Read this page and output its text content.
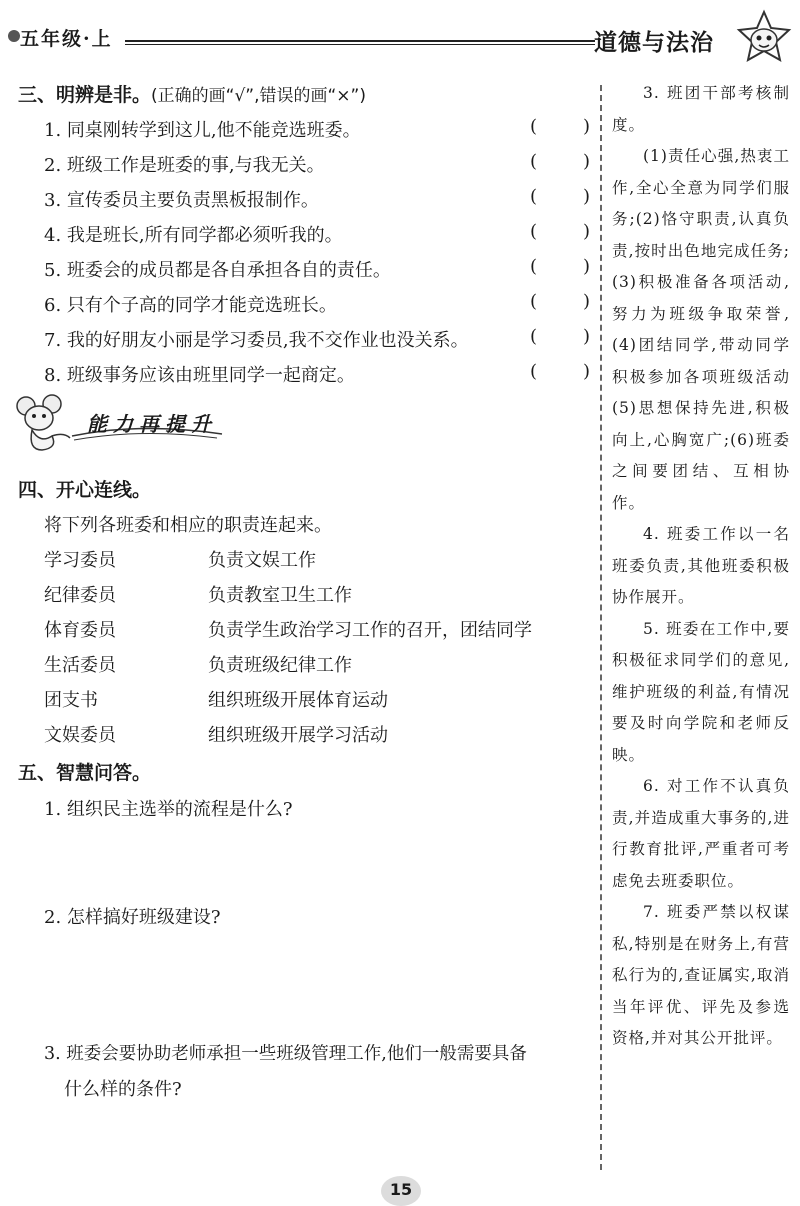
五年级·上	道德与法治
三、明辨是非。(正确的画“√”,错误的画“×”)
1. 同桌刚转学到这儿,他不能竞选班委。	(	)
2. 班级工作是班委的事,与我无关。	(	)
3. 宣传委员主要负责黑板报制作。	(	)
4. 我是班长,所有同学都必须听我的。	(	)
5. 班委会的成员都是各自承担各自的责任。	(	)
6. 只有个子高的同学才能竞选班长。	(	)
7. 我的好朋友小丽是学习委员,我不交作业也没关系。	(	)
8. 班级事务应该由班里同学一起商定。	(	)
能力再提升
四、开心连线。
将下列各班委和相应的职责连起来。
学习委员	负责文娱工作
纪律委员	负责教室卫生工作
体育委员	负责学生政治学习工作的召开，团结同学
生活委员	负责班级纪律工作
团支书	组织班级开展体育运动
文娱委员	组织班级开展学习活动
五、智慧问答。
1. 组织民主选举的流程是什么?
2. 怎样搞好班级建设?
3. 班委会要协助老师承担一些班级管理工作,他们一般需要具备
什么样的条件?

3. 班团干部考核制度。

(1)责任心强,热衷工作,全心全意为同学们服务;(2)恪守职责,认真负责,按时出色地完成任务;(3)积极准备各项活动,努力为班级争取荣誉,(4)团结同学,带动同学积极参加各项班级活动(5)思想保持先进,积极向上,心胸宽广;(6)班委之间要团结、互相协作。

4. 班委工作以一名班委负责,其他班委积极协作展开。

5. 班委在工作中,要积极征求同学们的意见,维护班级的利益,有情况要及时向学院和老师反映。

6. 对工作不认真负责,并造成重大事务的,进行教育批评,严重者可考虑免去班委职位。

7. 班委严禁以权谋私,特别是在财务上,有营私行为的,查证属实,取消当年评优、评先及参选资格,并对其公开批评。

15
